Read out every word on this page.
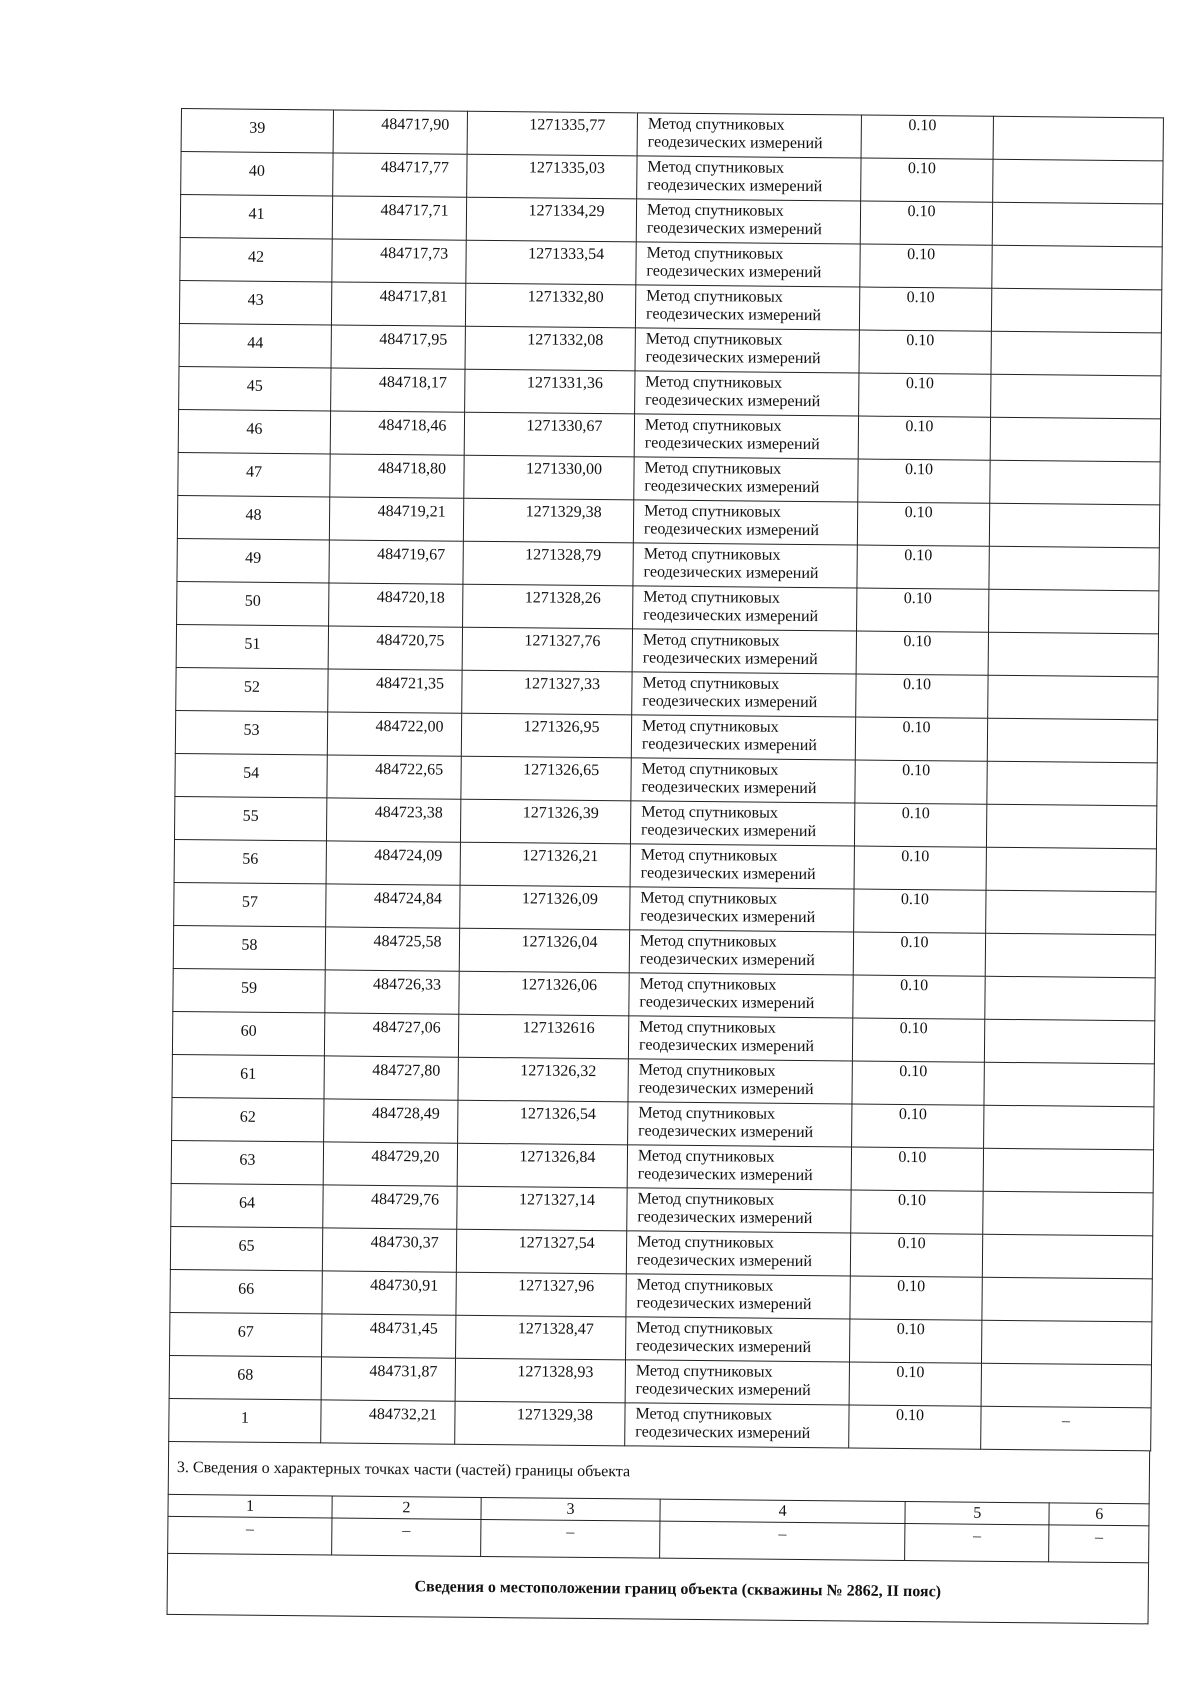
39	484717,90	1271335,77	Метод спутниковых
геодезических измерений	0.10	
40	484717,77	1271335,03	Метод спутниковых
геодезических измерений	0.10	
41	484717,71	1271334,29	Метод спутниковых
геодезических измерений	0.10	
42	484717,73	1271333,54	Метод спутниковых
геодезических измерений	0.10	
43	484717,81	1271332,80	Метод спутниковых
геодезических измерений	0.10	
44	484717,95	1271332,08	Метод спутниковых
геодезических измерений	0.10	
45	484718,17	1271331,36	Метод спутниковых
геодезических измерений	0.10	
46	484718,46	1271330,67	Метод спутниковых
геодезических измерений	0.10	
47	484718,80	1271330,00	Метод спутниковых
геодезических измерений	0.10	
48	484719,21	1271329,38	Метод спутниковых
геодезических измерений	0.10	
49	484719,67	1271328,79	Метод спутниковых
геодезических измерений	0.10	
50	484720,18	1271328,26	Метод спутниковых
геодезических измерений	0.10	
51	484720,75	1271327,76	Метод спутниковых
геодезических измерений	0.10	
52	484721,35	1271327,33	Метод спутниковых
геодезических измерений	0.10	
53	484722,00	1271326,95	Метод спутниковых
геодезических измерений	0.10	
54	484722,65	1271326,65	Метод спутниковых
геодезических измерений	0.10	
55	484723,38	1271326,39	Метод спутниковых
геодезических измерений	0.10	
56	484724,09	1271326,21	Метод спутниковых
геодезических измерений	0.10	
57	484724,84	1271326,09	Метод спутниковых
геодезических измерений	0.10	
58	484725,58	1271326,04	Метод спутниковых
геодезических измерений	0.10	
59	484726,33	1271326,06	Метод спутниковых
геодезических измерений	0.10	
60	484727,06	127132616	Метод спутниковых
геодезических измерений	0.10	
61	484727,80	1271326,32	Метод спутниковых
геодезических измерений	0.10	
62	484728,49	1271326,54	Метод спутниковых
геодезических измерений	0.10	
63	484729,20	1271326,84	Метод спутниковых
геодезических измерений	0.10	
64	484729,76	1271327,14	Метод спутниковых
геодезических измерений	0.10	
65	484730,37	1271327,54	Метод спутниковых
геодезических измерений	0.10	
66	484730,91	1271327,96	Метод спутниковых
геодезических измерений	0.10	
67	484731,45	1271328,47	Метод спутниковых
геодезических измерений	0.10	
68	484731,87	1271328,93	Метод спутниковых
геодезических измерений	0.10	
1	484732,21	1271329,38	Метод спутниковых
геодезических измерений	0.10	–
3. Сведения о характерных точках части (частей) границы объекта					
1	2	3	4	5	6
–	–	–	–	–	–
Сведения о местоположении границ объекта (скважины № 2862, II пояс)					
